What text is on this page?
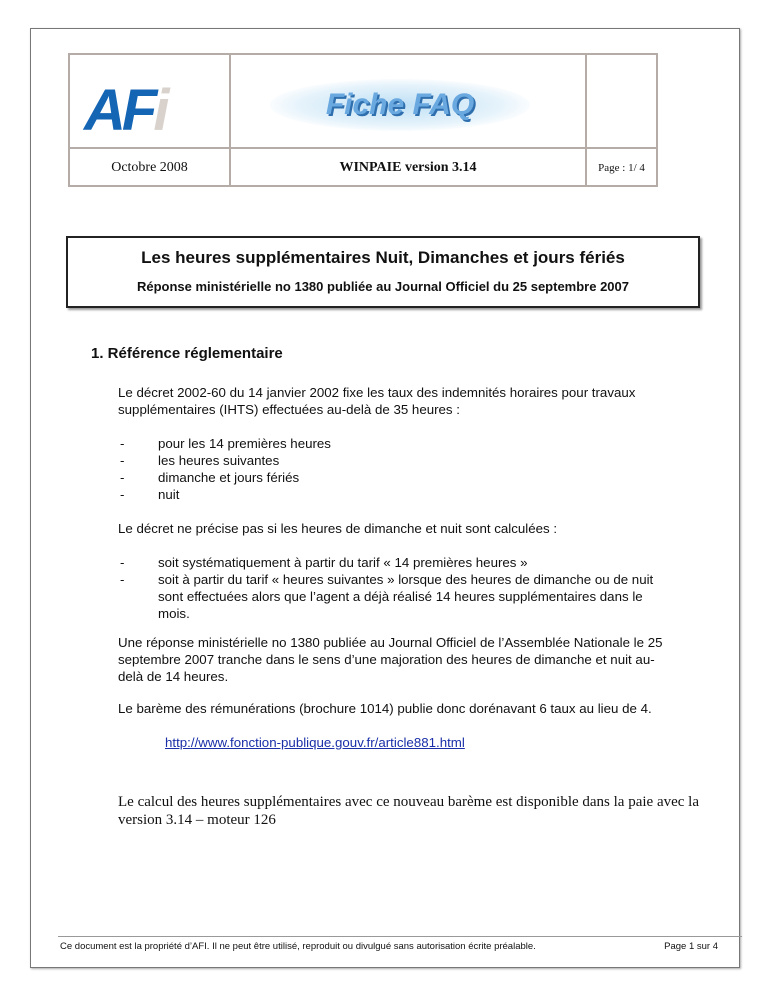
AFi	Fiche FAQ
Octobre 2008	WINPAIE version 3.14	Page : 1/ 4
Les heures supplémentaires Nuit, Dimanches et jours fériés
Réponse ministérielle no 1380 publiée au Journal Officiel du 25 septembre 2007
1. Référence réglementaire
Le décret 2002-60 du 14 janvier 2002 fixe les taux des indemnités horaires pour travaux supplémentaires (IHTS) effectuées au-delà de 35 heures :
-	pour les 14 premières heures
-	les heures suivantes
-	dimanche et jours fériés
-	nuit
Le décret ne précise pas si les heures de dimanche et nuit sont calculées :
-	soit systématiquement à partir du tarif « 14 premières heures »
-	soit à partir du tarif « heures suivantes » lorsque des heures de dimanche ou de nuit sont effectuées alors que l’agent a déjà réalisé 14 heures supplémentaires dans le mois.
Une réponse ministérielle no 1380 publiée au Journal Officiel de l’Assemblée Nationale le 25 septembre 2007 tranche dans le sens d’une majoration des heures de dimanche et nuit au-delà de 14 heures.
Le barème des rémunérations (brochure 1014) publie donc dorénavant 6 taux au lieu de 4.
http://www.fonction-publique.gouv.fr/article881.html
Le calcul des heures supplémentaires avec ce nouveau barème est disponible dans la paie avec la version 3.14 – moteur 126
Ce document est la propriété d’AFI. Il ne peut être utilisé, reproduit ou divulgué sans autorisation écrite préalable.	Page 1 sur 4
